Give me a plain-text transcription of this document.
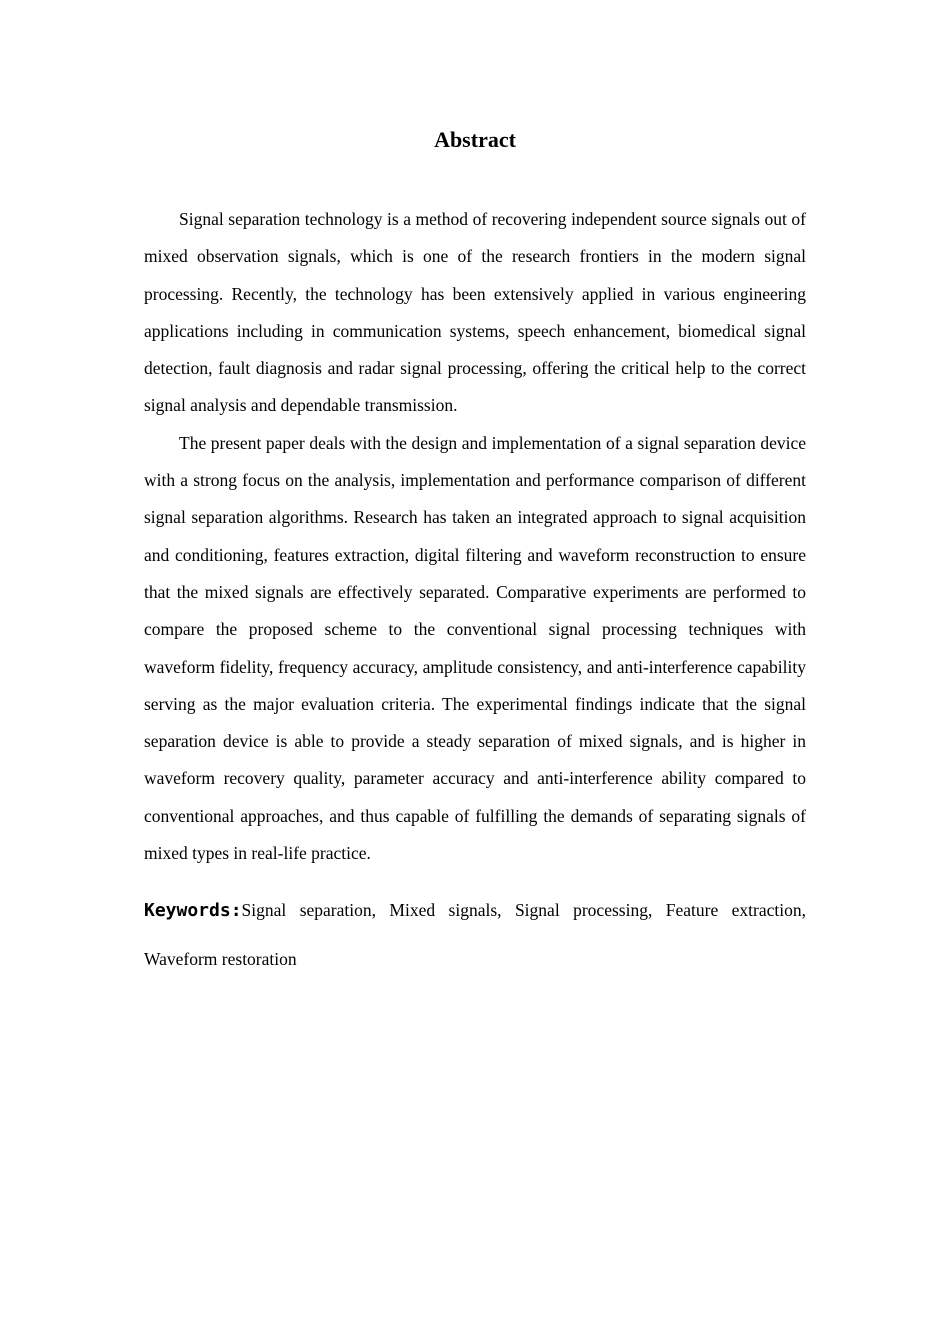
Abstract

Signal separation technology is a method of recovering independent source signals out of mixed observation signals, which is one of the research frontiers in the modern signal processing. Recently, the technology has been extensively applied in various engineering applications including in communication systems, speech enhancement, biomedical signal detection, fault diagnosis and radar signal processing, offering the critical help to the correct signal analysis and dependable transmission.

The present paper deals with the design and implementation of a signal separation device with a strong focus on the analysis, implementation and performance comparison of different signal separation algorithms. Research has taken an integrated approach to signal acquisition and conditioning, features extraction, digital filtering and waveform reconstruction to ensure that the mixed signals are effectively separated. Comparative experiments are performed to compare the proposed scheme to the conventional signal processing techniques with waveform fidelity, frequency accuracy, amplitude consistency, and anti-interference capability serving as the major evaluation criteria. The experimental findings indicate that the signal separation device is able to provide a steady separation of mixed signals, and is higher in waveform recovery quality, parameter accuracy and anti-interference ability compared to conventional approaches, and thus capable of fulfilling the demands of separating signals of mixed types in real-life practice.

Keywords:Signal separation, Mixed signals, Signal processing, Feature extraction, Waveform restoration
